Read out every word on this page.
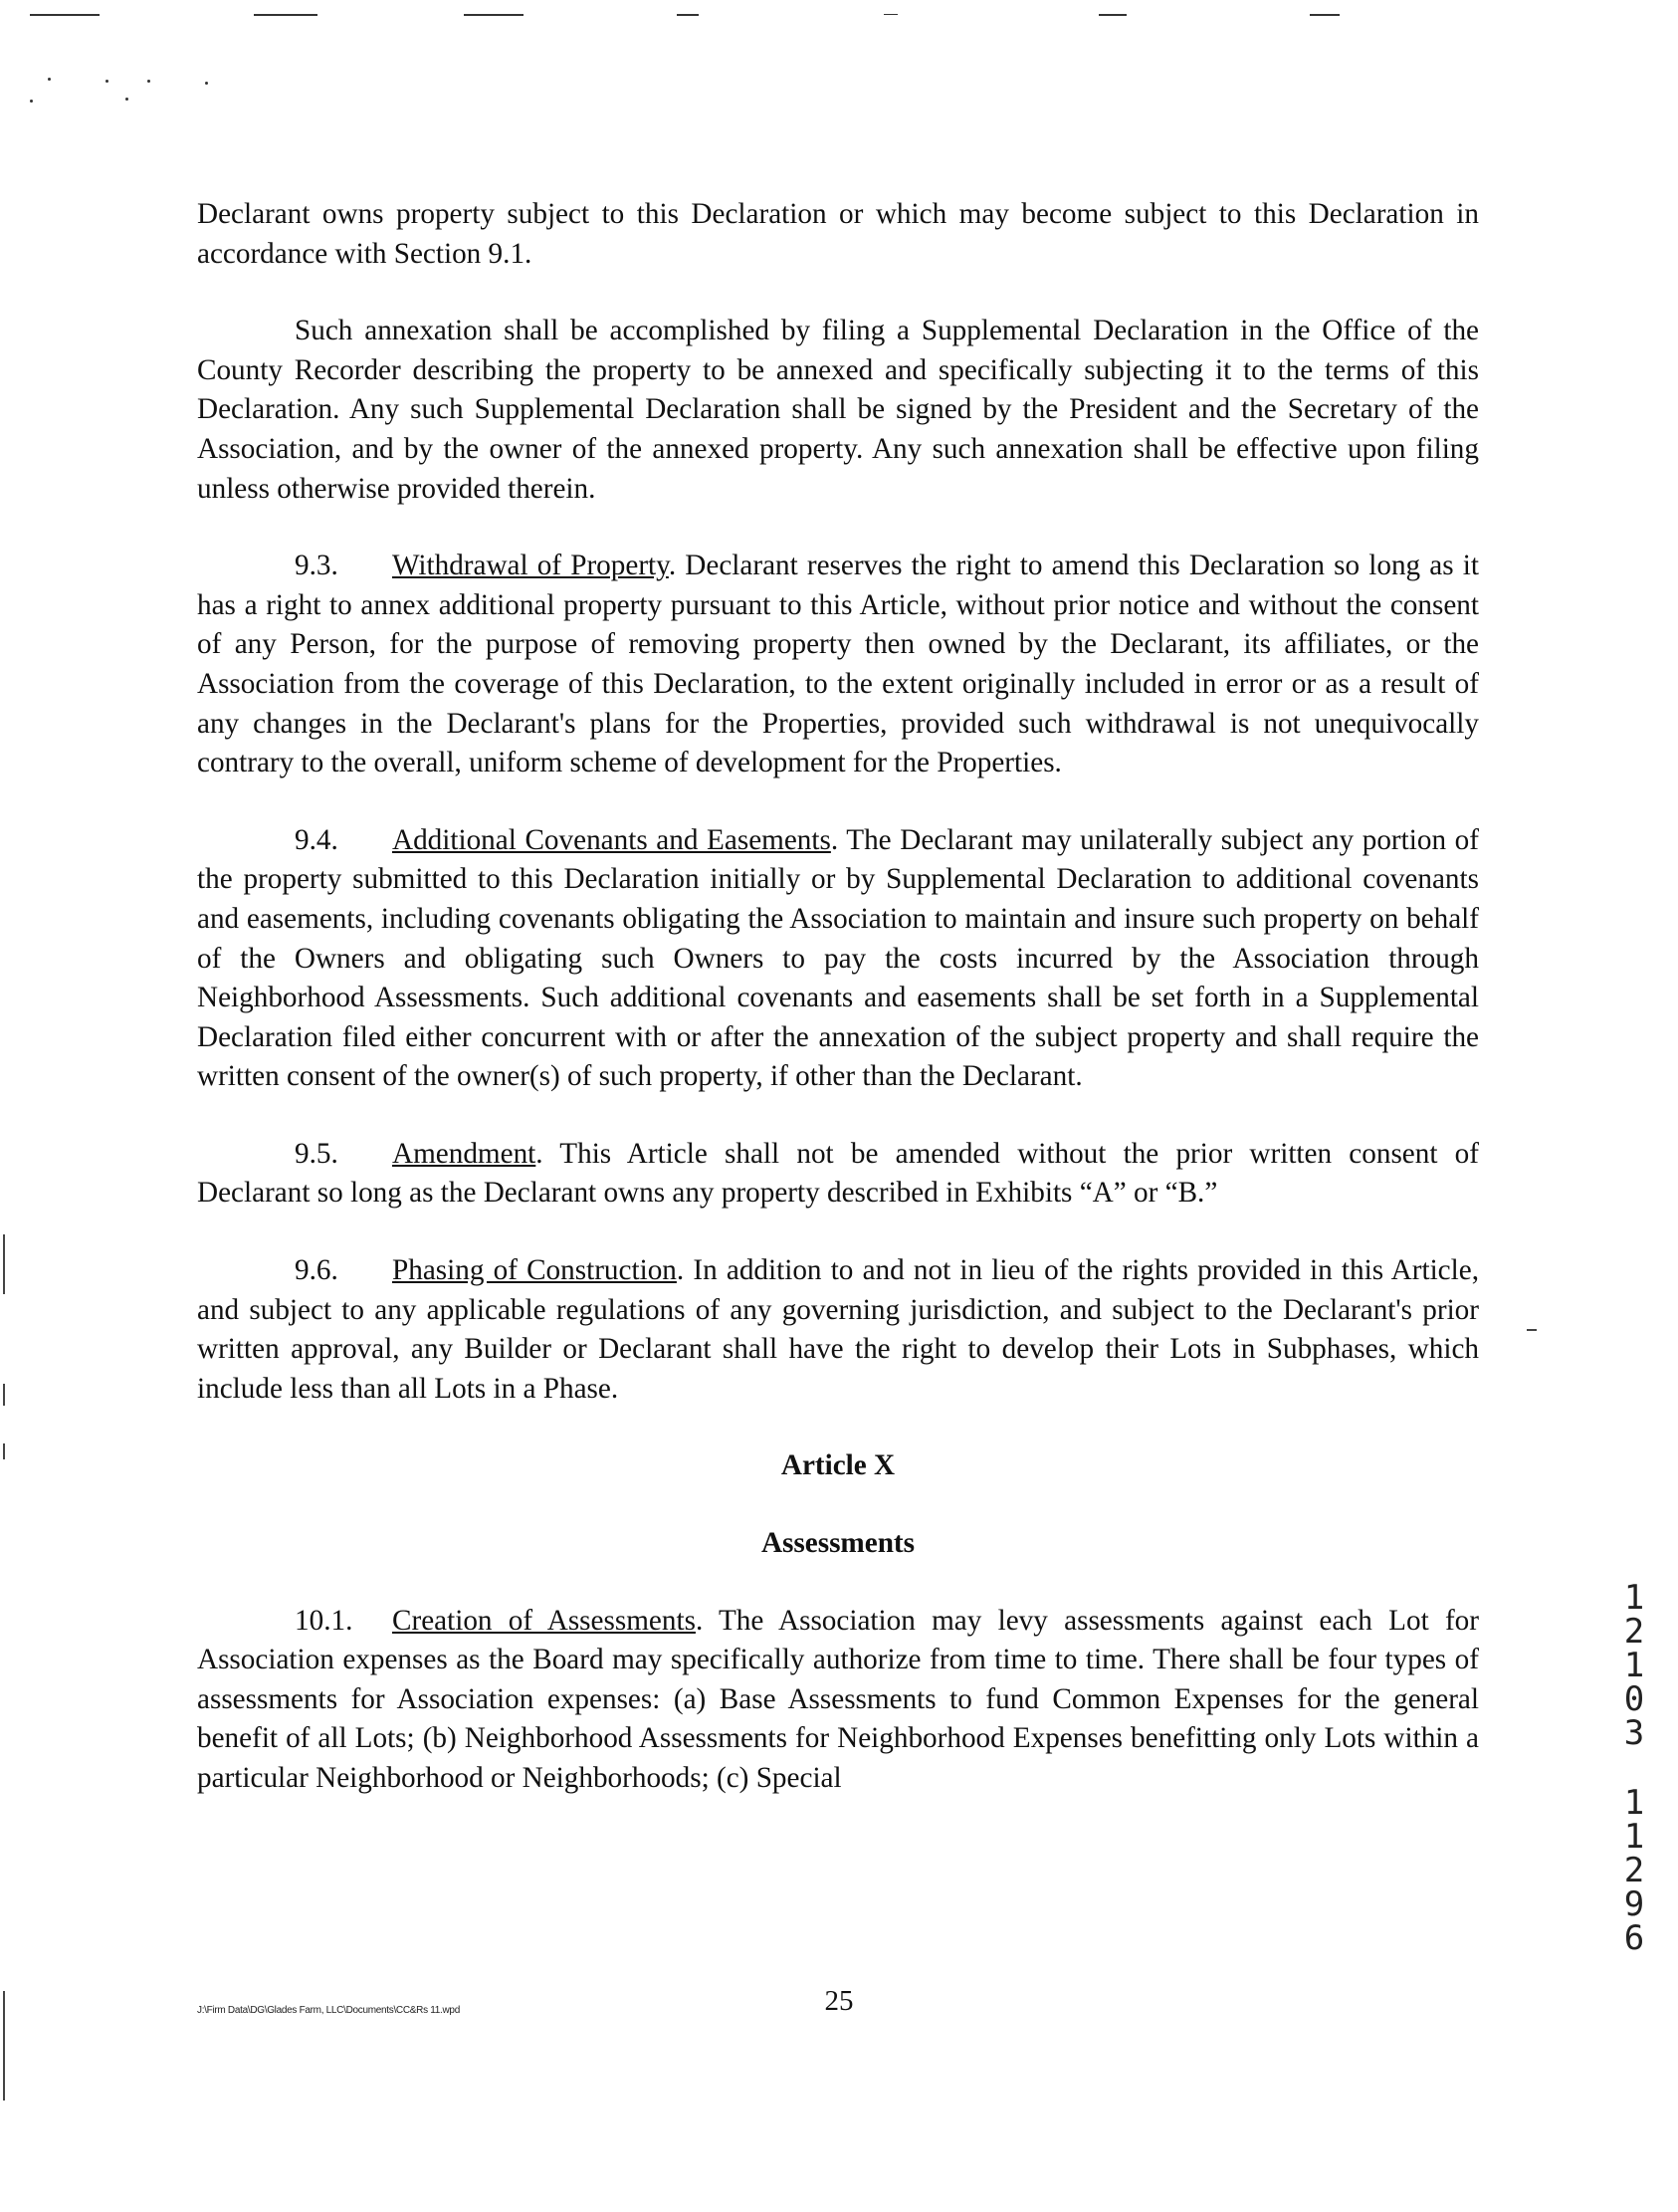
Declarant owns property subject to this Declaration or which may become subject to this Declaration in accordance with Section 9.1.

Such annexation shall be accomplished by filing a Supplemental Declaration in the Office of the County Recorder describing the property to be annexed and specifically subjecting it to the terms of this Declaration. Any such Supplemental Declaration shall be signed by the President and the Secretary of the Association, and by the owner of the annexed property. Any such annexation shall be effective upon filing unless otherwise provided therein.

9.3. Withdrawal of Property. Declarant reserves the right to amend this Declaration so long as it has a right to annex additional property pursuant to this Article, without prior notice and without the consent of any Person, for the purpose of removing property then owned by the Declarant, its affiliates, or the Association from the coverage of this Declaration, to the extent originally included in error or as a result of any changes in the Declarant's plans for the Properties, provided such withdrawal is not unequivocally contrary to the overall, uniform scheme of development for the Properties.

9.4. Additional Covenants and Easements. The Declarant may unilaterally subject any portion of the property submitted to this Declaration initially or by Supplemental Declaration to additional covenants and easements, including covenants obligating the Association to maintain and insure such property on behalf of the Owners and obligating such Owners to pay the costs incurred by the Association through Neighborhood Assessments. Such additional covenants and easements shall be set forth in a Supplemental Declaration filed either concurrent with or after the annexation of the subject property and shall require the written consent of the owner(s) of such property, if other than the Declarant.

9.5. Amendment. This Article shall not be amended without the prior written consent of Declarant so long as the Declarant owns any property described in Exhibits “A” or “B.”

9.6. Phasing of Construction. In addition to and not in lieu of the rights provided in this Article, and subject to any applicable regulations of any governing jurisdiction, and subject to the Declarant's prior written approval, any Builder or Declarant shall have the right to develop their Lots in Subphases, which include less than all Lots in a Phase.

Article X

Assessments

10.1. Creation of Assessments. The Association may levy assessments against each Lot for Association expenses as the Board may specifically authorize from time to time. There shall be four types of assessments for Association expenses: (a) Base Assessments to fund Common Expenses for the general benefit of all Lots; (b) Neighborhood Assessments for Neighborhood Expenses benefitting only Lots within a particular Neighborhood or Neighborhoods; (c) Special

25
J:\Firm Data\DG\Glades Farm, LLC\Documents\CC&Rs 11.wpd
1
2
1
0
3
1
1
2
9
6
